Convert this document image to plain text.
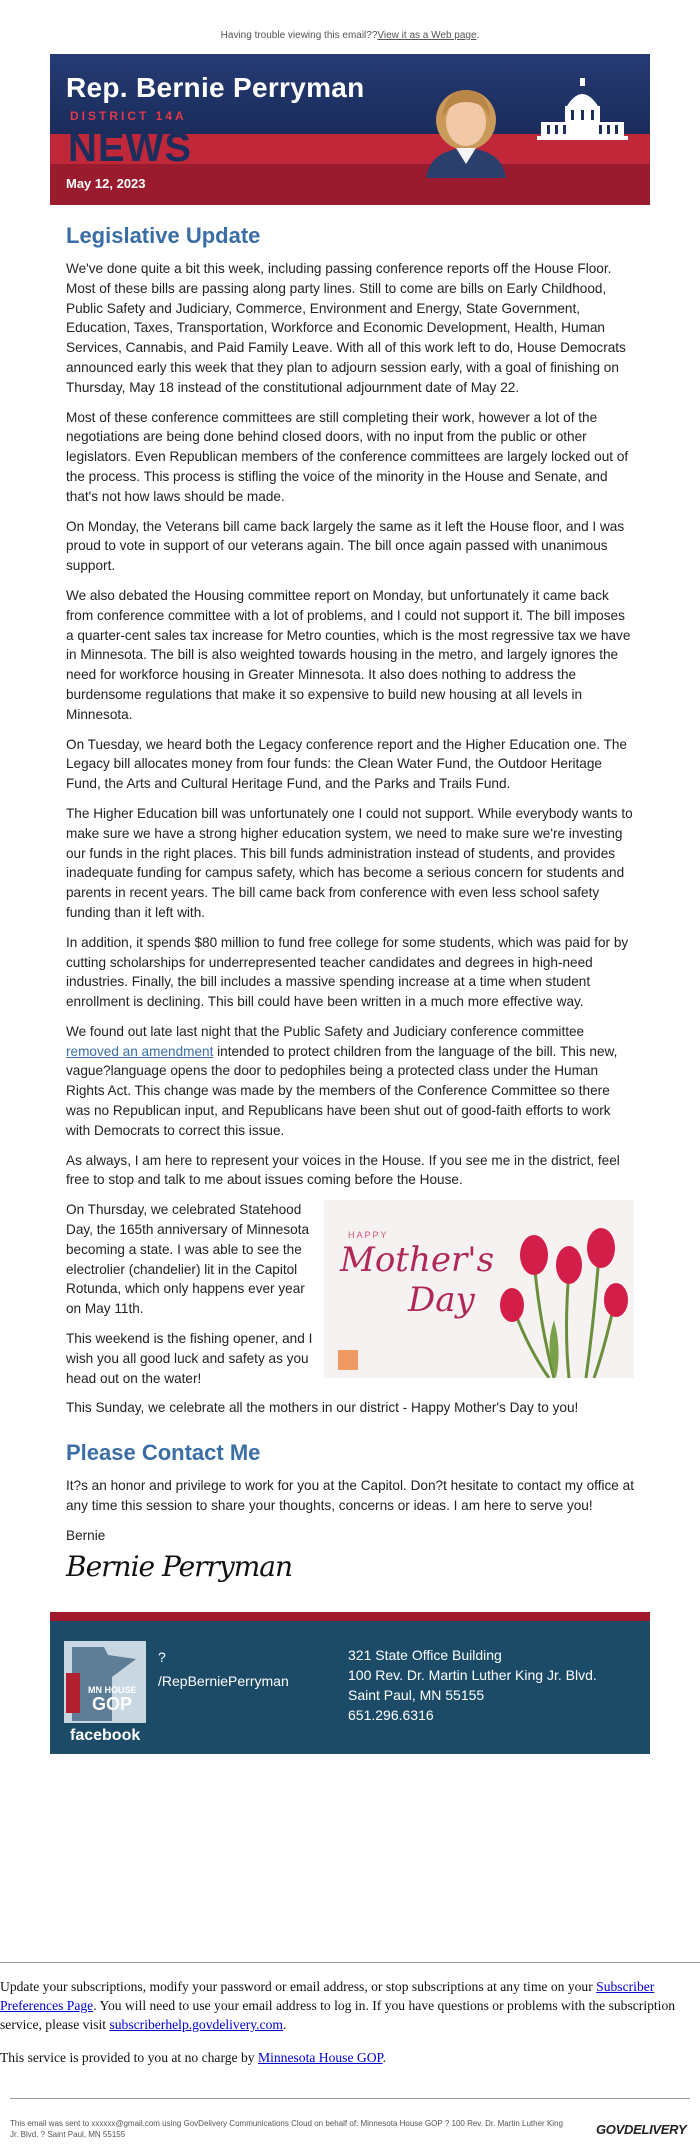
Having trouble viewing this email??View it as a Web page.
Rep. Bernie Perryman
DISTRICT 14A
NEWS
May 12, 2023
Legislative Update

We've done quite a bit this week, including passing conference reports off the House Floor. Most of these bills are passing along party lines. Still to come are bills on Early Childhood, Public Safety and Judiciary, Commerce, Environment and Energy, State Government, Education, Taxes, Transportation, Workforce and Economic Development, Health, Human Services, Cannabis, and Paid Family Leave. With all of this work left to do, House Democrats announced early this week that they plan to adjourn session early, with a goal of finishing on Thursday, May 18 instead of the constitutional adjournment date of May 22.

Most of these conference committees are still completing their work, however a lot of the negotiations are being done behind closed doors, with no input from the public or other legislators. Even Republican members of the conference committees are largely locked out of the process. This process is stifling the voice of the minority in the House and Senate, and that's not how laws should be made.

On Monday, the Veterans bill came back largely the same as it left the House floor, and I was proud to vote in support of our veterans again. The bill once again passed with unanimous support.

We also debated the Housing committee report on Monday, but unfortunately it came back from conference committee with a lot of problems, and I could not support it. The bill imposes a quarter-cent sales tax increase for Metro counties, which is the most regressive tax we have in Minnesota. The bill is also weighted towards housing in the metro, and largely ignores the need for workforce housing in Greater Minnesota. It also does nothing to address the burdensome regulations that make it so expensive to build new housing at all levels in Minnesota.

On Tuesday, we heard both the Legacy conference report and the Higher Education one. The Legacy bill allocates money from four funds: the Clean Water Fund, the Outdoor Heritage Fund, the Arts and Cultural Heritage Fund, and the Parks and Trails Fund.

The Higher Education bill was unfortunately one I could not support. While everybody wants to make sure we have a strong higher education system, we need to make sure we're investing our funds in the right places. This bill funds administration instead of students, and provides inadequate funding for campus safety, which has become a serious concern for students and parents in recent years. The bill came back from conference with even less school safety funding than it left with.

In addition, it spends $80 million to fund free college for some students, which was paid for by cutting scholarships for underrepresented teacher candidates and degrees in high-need industries. Finally, the bill includes a massive spending increase at a time when student enrollment is declining. This bill could have been written in a much more effective way.

We found out late last night that the Public Safety and Judiciary conference committee removed an amendment intended to protect children from the language of the bill. This new, vague?language opens the door to pedophiles being a protected class under the Human Rights Act. This change was made by the members of the Conference Committee so there was no Republican input, and Republicans have been shut out of good-faith efforts to work with Democrats to correct this issue.

As always, I am here to represent your voices in the House. If you see me in the district, feel free to stop and talk to me about issues coming before the House.

HAPPY
Mother's
Day

On Thursday, we celebrated Statehood Day, the 165th anniversary of Minnesota becoming a state. I was able to see the electrolier (chandelier) lit in the Capitol Rotunda, which only happens ever year on May 11th.

This weekend is the fishing opener, and I wish you all good luck and safety as you head out on the water!

This Sunday, we celebrate all the mothers in our district - Happy Mother's Day to you!

Please Contact Me

It?s an honor and privilege to work for you at the Capitol. Don?t hesitate to contact my office at any time this session to share your thoughts, concerns or ideas. I am here to serve you!

Bernie

Bernie Perryman
MN HOUSE
GOP
facebook
?
/RepBerniePerryman
321 State Office Building
100 Rev. Dr. Martin Luther King Jr. Blvd.
Saint Paul, MN 55155
651.296.6316

Update your subscriptions, modify your password or email address, or stop subscriptions at any time on your Subscriber Preferences Page. You will need to use your email address to log in. If you have questions or problems with the subscription service, please visit subscriberhelp.govdelivery.com.

This service is provided to you at no charge by Minnesota House GOP.

This email was sent to xxxxxx@gmail.com using GovDelivery Communications Cloud on behalf of: Minnesota House GOP ? 100 Rev. Dr. Martin Luther King Jr. Blvd. ? Saint Paul, MN 55155	GOVDELIVERY
